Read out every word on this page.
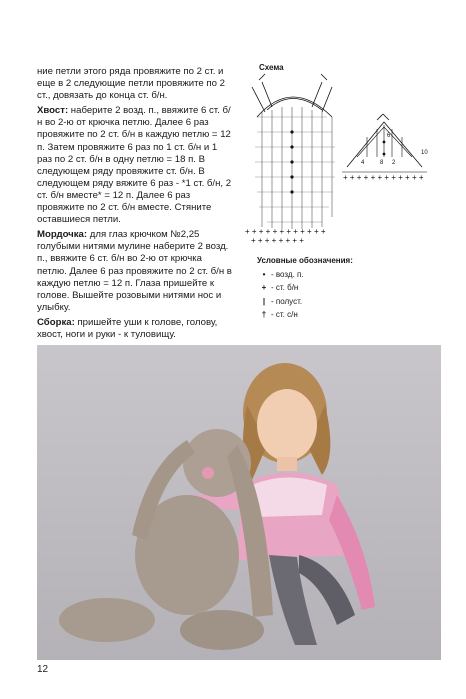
ние петли этого ряда провяжите по 2 ст. и еще в 2 следующие петли провяжите по 2 ст., довязать до конца ст. б/н.

Хвост: наберите 2 возд. п., ввяжите 6 ст. б/н во 2-ю от крючка петлю. Далее 6 раз провяжите по 2 ст. б/н в каждую петлю = 12 п. Затем провяжите 6 раз по 1 ст. б/н и 1 раз по 2 ст. б/н в одну петлю = 18 п. В следующем ряду провяжите ст. б/н. В следующем ряду вяжите 6 раз - *1 ст. б/н, 2 ст. б/н вместе* = 12 п. Далее 6 раз провяжите по 2 ст. б/н вместе. Стяните оставшиеся петли.

Мордочка: для глаз крючком №2,25 голубыми нитями мулине наберите 2 возд. п., ввяжите 6 ст. б/н во 2-ю от крючка петлю. Далее 6 раз провяжите по 2 ст. б/н в каждую петлю = 12 п. Глаза пришейте к голове. Вышейте розовыми нитями нос и улыбку.

Сборка: пришейте уши к голове, голову, хвост, ноги и руки - к туловищу.

Схема
10
8
6
4	2
+ + + + + + + + + + + +
+ + + + + + + +
+ + + + + + + + + + + +
Условные обозначения:
• - возд. п.
+ - ст. б/н
| - полуст.
† - ст. с/н
12
